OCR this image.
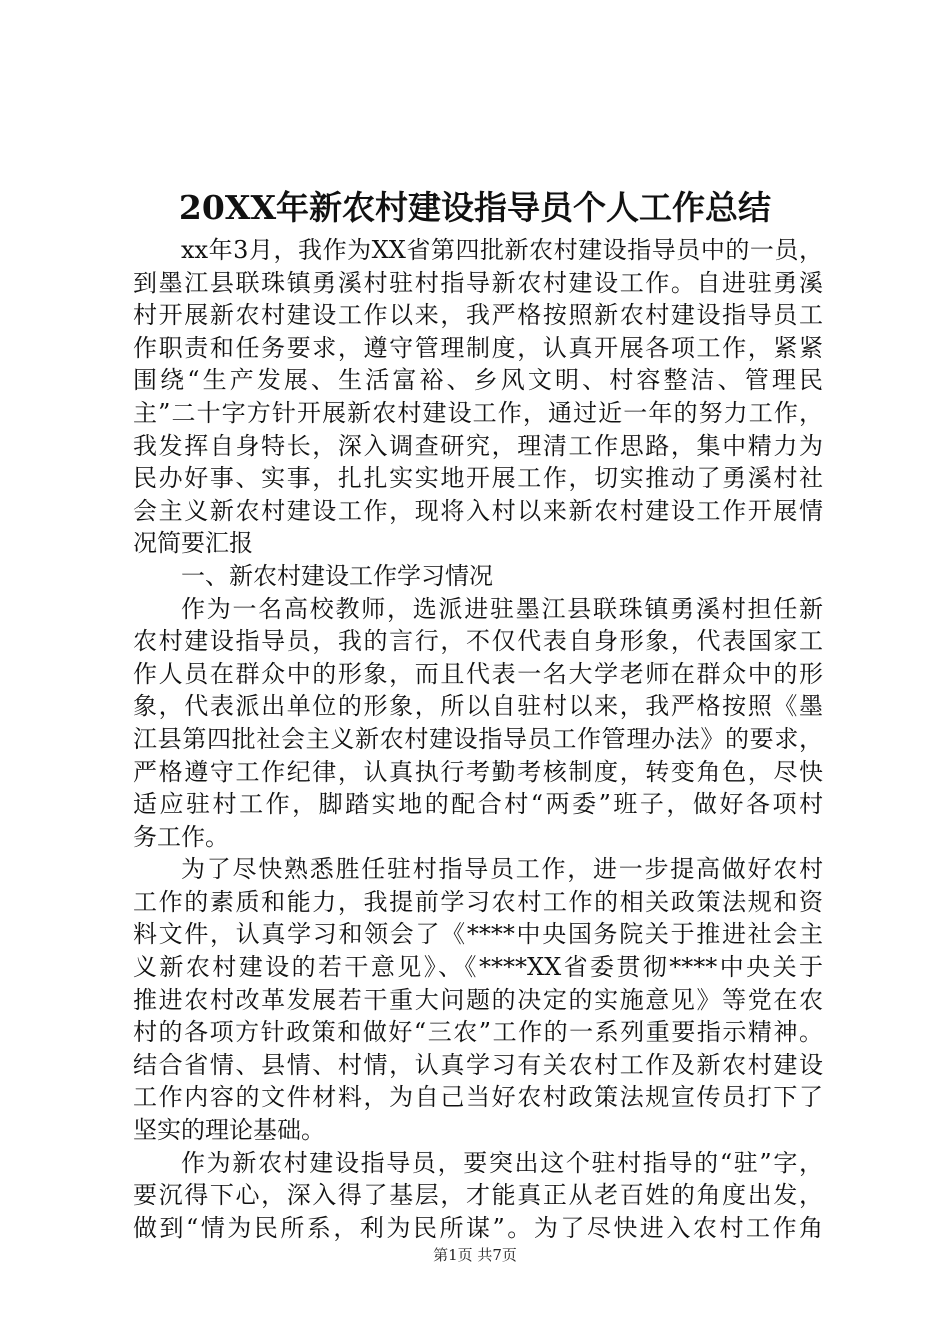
20XX年新农村建设指导员个人工作总结
xx年3月，我作为XX省第四批新农村建设指导员中的一员，
到墨江县联珠镇勇溪村驻村指导新农村建设工作。自进驻勇溪
村开展新农村建设工作以来，我严格按照新农村建设指导员工
作职责和任务要求，遵守管理制度，认真开展各项工作，紧紧
围绕“生产发展、生活富裕、乡风文明、村容整洁、管理民
主”二十字方针开展新农村建设工作，通过近一年的努力工作，
我发挥自身特长，深入调查研究，理清工作思路，集中精力为
民办好事、实事，扎扎实实地开展工作，切实推动了勇溪村社
会主义新农村建设工作，现将入村以来新农村建设工作开展情
况简要汇报
一、新农村建设工作学习情况
作为一名高校教师，选派进驻墨江县联珠镇勇溪村担任新
农村建设指导员，我的言行，不仅代表自身形象，代表国家工
作人员在群众中的形象，而且代表一名大学老师在群众中的形
象，代表派出单位的形象，所以自驻村以来，我严格按照《墨
江县第四批社会主义新农村建设指导员工作管理办法》的要求，
严格遵守工作纪律，认真执行考勤考核制度，转变角色，尽快
适应驻村工作，脚踏实地的配合村“两委”班子，做好各项村
务工作。
为了尽快熟悉胜任驻村指导员工作，进一步提高做好农村
工作的素质和能力，我提前学习农村工作的相关政策法规和资
料文件，认真学习和领会了《****中央国务院关于推进社会主
义新农村建设的若干意见》、《****XX省委贯彻****中央关于
推进农村改革发展若干重大问题的决定的实施意见》等党在农
村的各项方针政策和做好“三农”工作的一系列重要指示精神。
结合省情、县情、村情，认真学习有关农村工作及新农村建设
工作内容的文件材料，为自己当好农村政策法规宣传员打下了
坚实的理论基础。
作为新农村建设指导员，要突出这个驻村指导的“驻”字，
要沉得下心，深入得了基层，才能真正从老百姓的角度出发，
做到“情为民所系，利为民所谋”。为了尽快进入农村工作角
第1页 共7页
